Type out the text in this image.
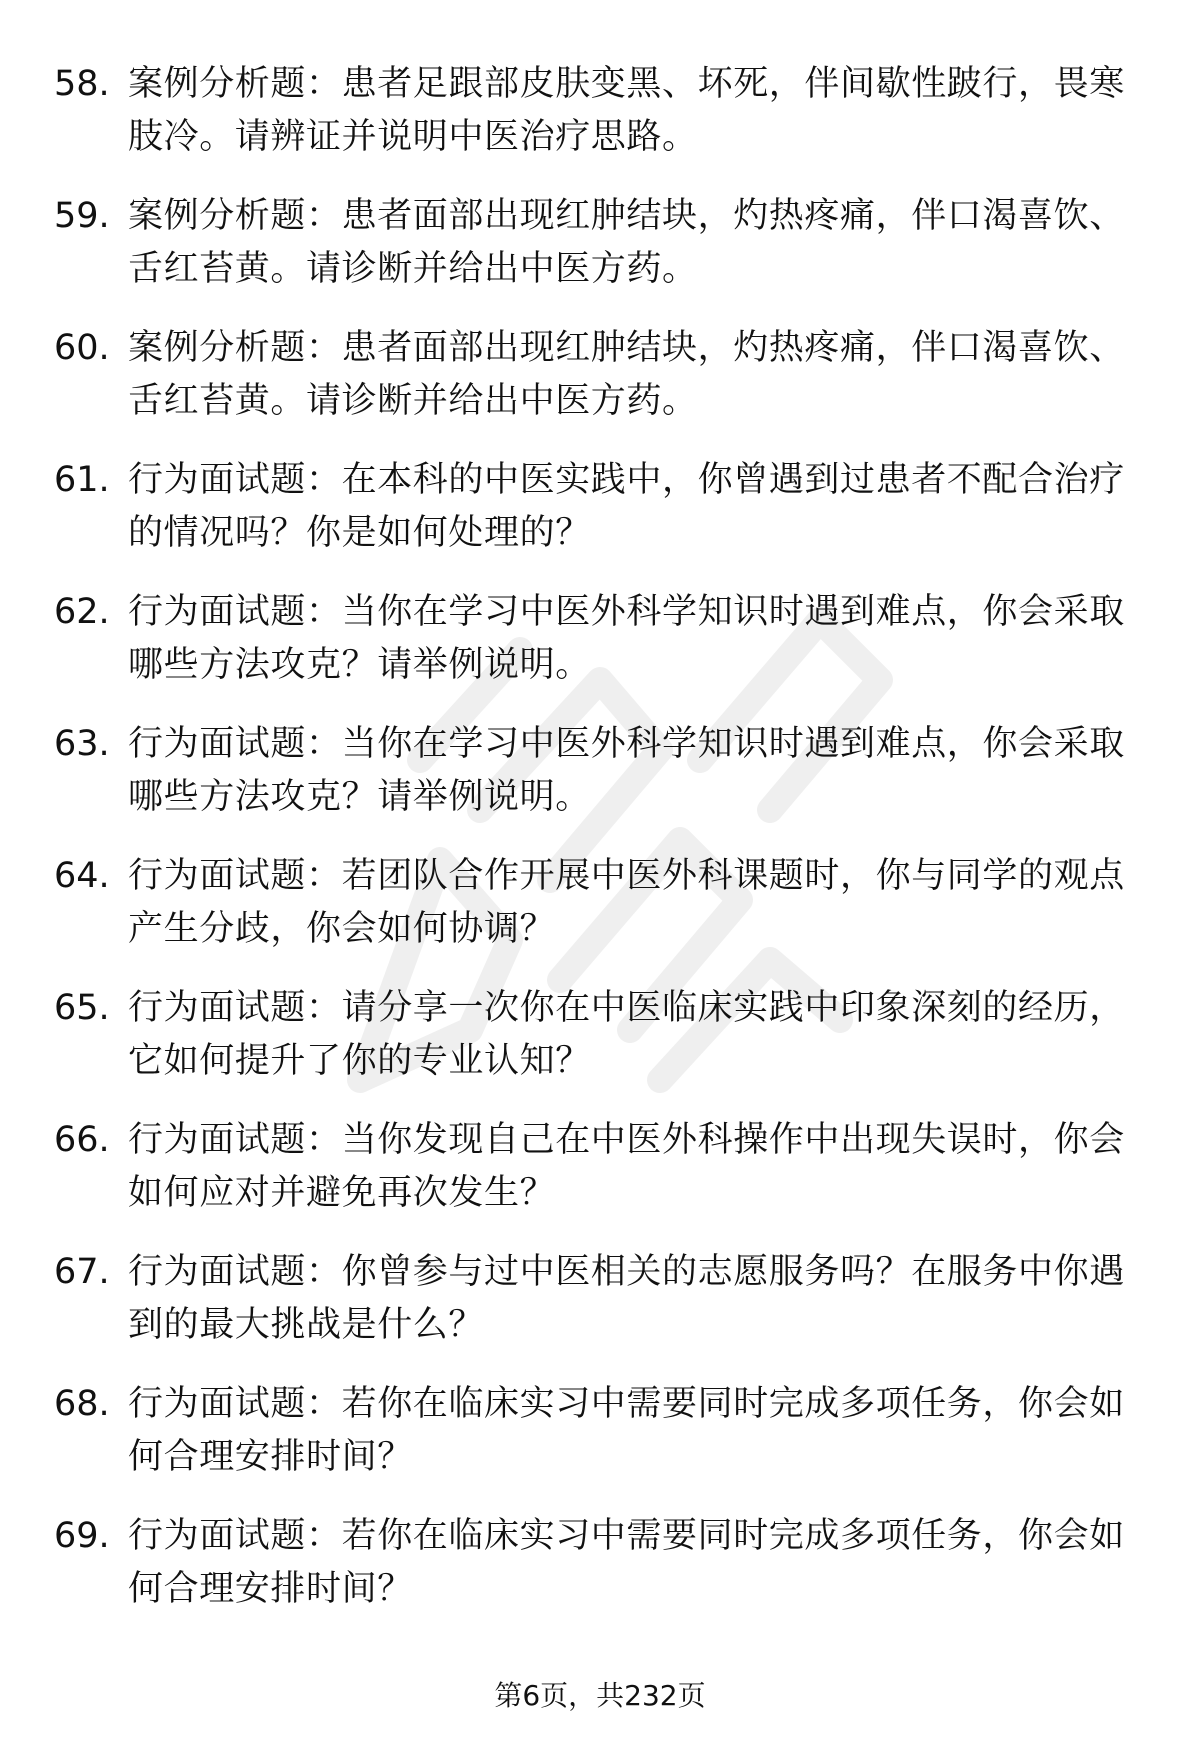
58. 案例分析题：患者足跟部皮肤变黑、坏死，伴间歇性跛行，畏寒肢冷。请辨证并说明中医治疗思路。
59. 案例分析题：患者面部出现红肿结块，灼热疼痛，伴口渴喜饮、舌红苔黄。请诊断并给出中医方药。
60. 案例分析题：患者面部出现红肿结块，灼热疼痛，伴口渴喜饮、舌红苔黄。请诊断并给出中医方药。
61. 行为面试题：在本科的中医实践中，你曾遇到过患者不配合治疗的情况吗？你是如何处理的？
62. 行为面试题：当你在学习中医外科学知识时遇到难点，你会采取哪些方法攻克？请举例说明。
63. 行为面试题：当你在学习中医外科学知识时遇到难点，你会采取哪些方法攻克？请举例说明。
64. 行为面试题：若团队合作开展中医外科课题时，你与同学的观点产生分歧，你会如何协调？
65. 行为面试题：请分享一次你在中医临床实践中印象深刻的经历，它如何提升了你的专业认知？
66. 行为面试题：当你发现自己在中医外科操作中出现失误时，你会如何应对并避免再次发生？
67. 行为面试题：你曾参与过中医相关的志愿服务吗？在服务中你遇到的最大挑战是什么？
68. 行为面试题：若你在临床实习中需要同时完成多项任务，你会如何合理安排时间？
69. 行为面试题：若你在临床实习中需要同时完成多项任务，你会如何合理安排时间？
第6页，共232页
